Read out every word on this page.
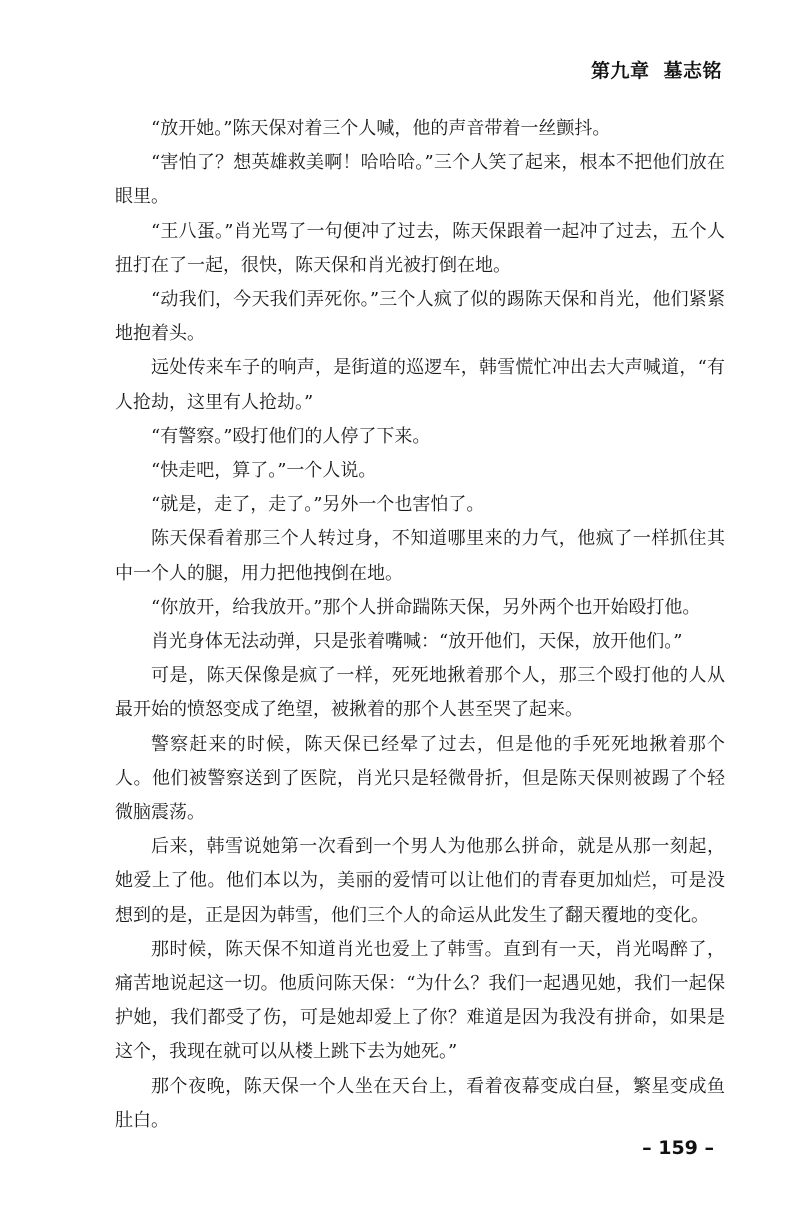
第九章 墓志铭

“放开她。”陈天保对着三个人喊，他的声音带着一丝颤抖。

“害怕了？想英雄救美啊！哈哈哈。”三个人笑了起来，根本不把他们放在眼里。

“王八蛋。”肖光骂了一句便冲了过去，陈天保跟着一起冲了过去，五个人扭打在了一起，很快，陈天保和肖光被打倒在地。

“动我们，今天我们弄死你。”三个人疯了似的踢陈天保和肖光，他们紧紧地抱着头。

远处传来车子的响声，是街道的巡逻车，韩雪慌忙冲出去大声喊道，“有人抢劫，这里有人抢劫。”

“有警察。”殴打他们的人停了下来。

“快走吧，算了。”一个人说。

“就是，走了，走了。”另外一个也害怕了。

陈天保看着那三个人转过身，不知道哪里来的力气，他疯了一样抓住其中一个人的腿，用力把他拽倒在地。

“你放开，给我放开。”那个人拼命踹陈天保，另外两个也开始殴打他。

肖光身体无法动弹，只是张着嘴喊：“放开他们，天保，放开他们。”

可是，陈天保像是疯了一样，死死地揪着那个人，那三个殴打他的人从最开始的愤怒变成了绝望，被揪着的那个人甚至哭了起来。

警察赶来的时候，陈天保已经晕了过去，但是他的手死死地揪着那个人。他们被警察送到了医院，肖光只是轻微骨折，但是陈天保则被踢了个轻微脑震荡。

后来，韩雪说她第一次看到一个男人为他那么拼命，就是从那一刻起，她爱上了他。他们本以为，美丽的爱情可以让他们的青春更加灿烂，可是没想到的是，正是因为韩雪，他们三个人的命运从此发生了翻天覆地的变化。

那时候，陈天保不知道肖光也爱上了韩雪。直到有一天，肖光喝醉了，痛苦地说起这一切。他质问陈天保：“为什么？我们一起遇见她，我们一起保护她，我们都受了伤，可是她却爱上了你？难道是因为我没有拼命，如果是这个，我现在就可以从楼上跳下去为她死。”

那个夜晚，陈天保一个人坐在天台上，看着夜幕变成白昼，繁星变成鱼肚白。

– 159 –
